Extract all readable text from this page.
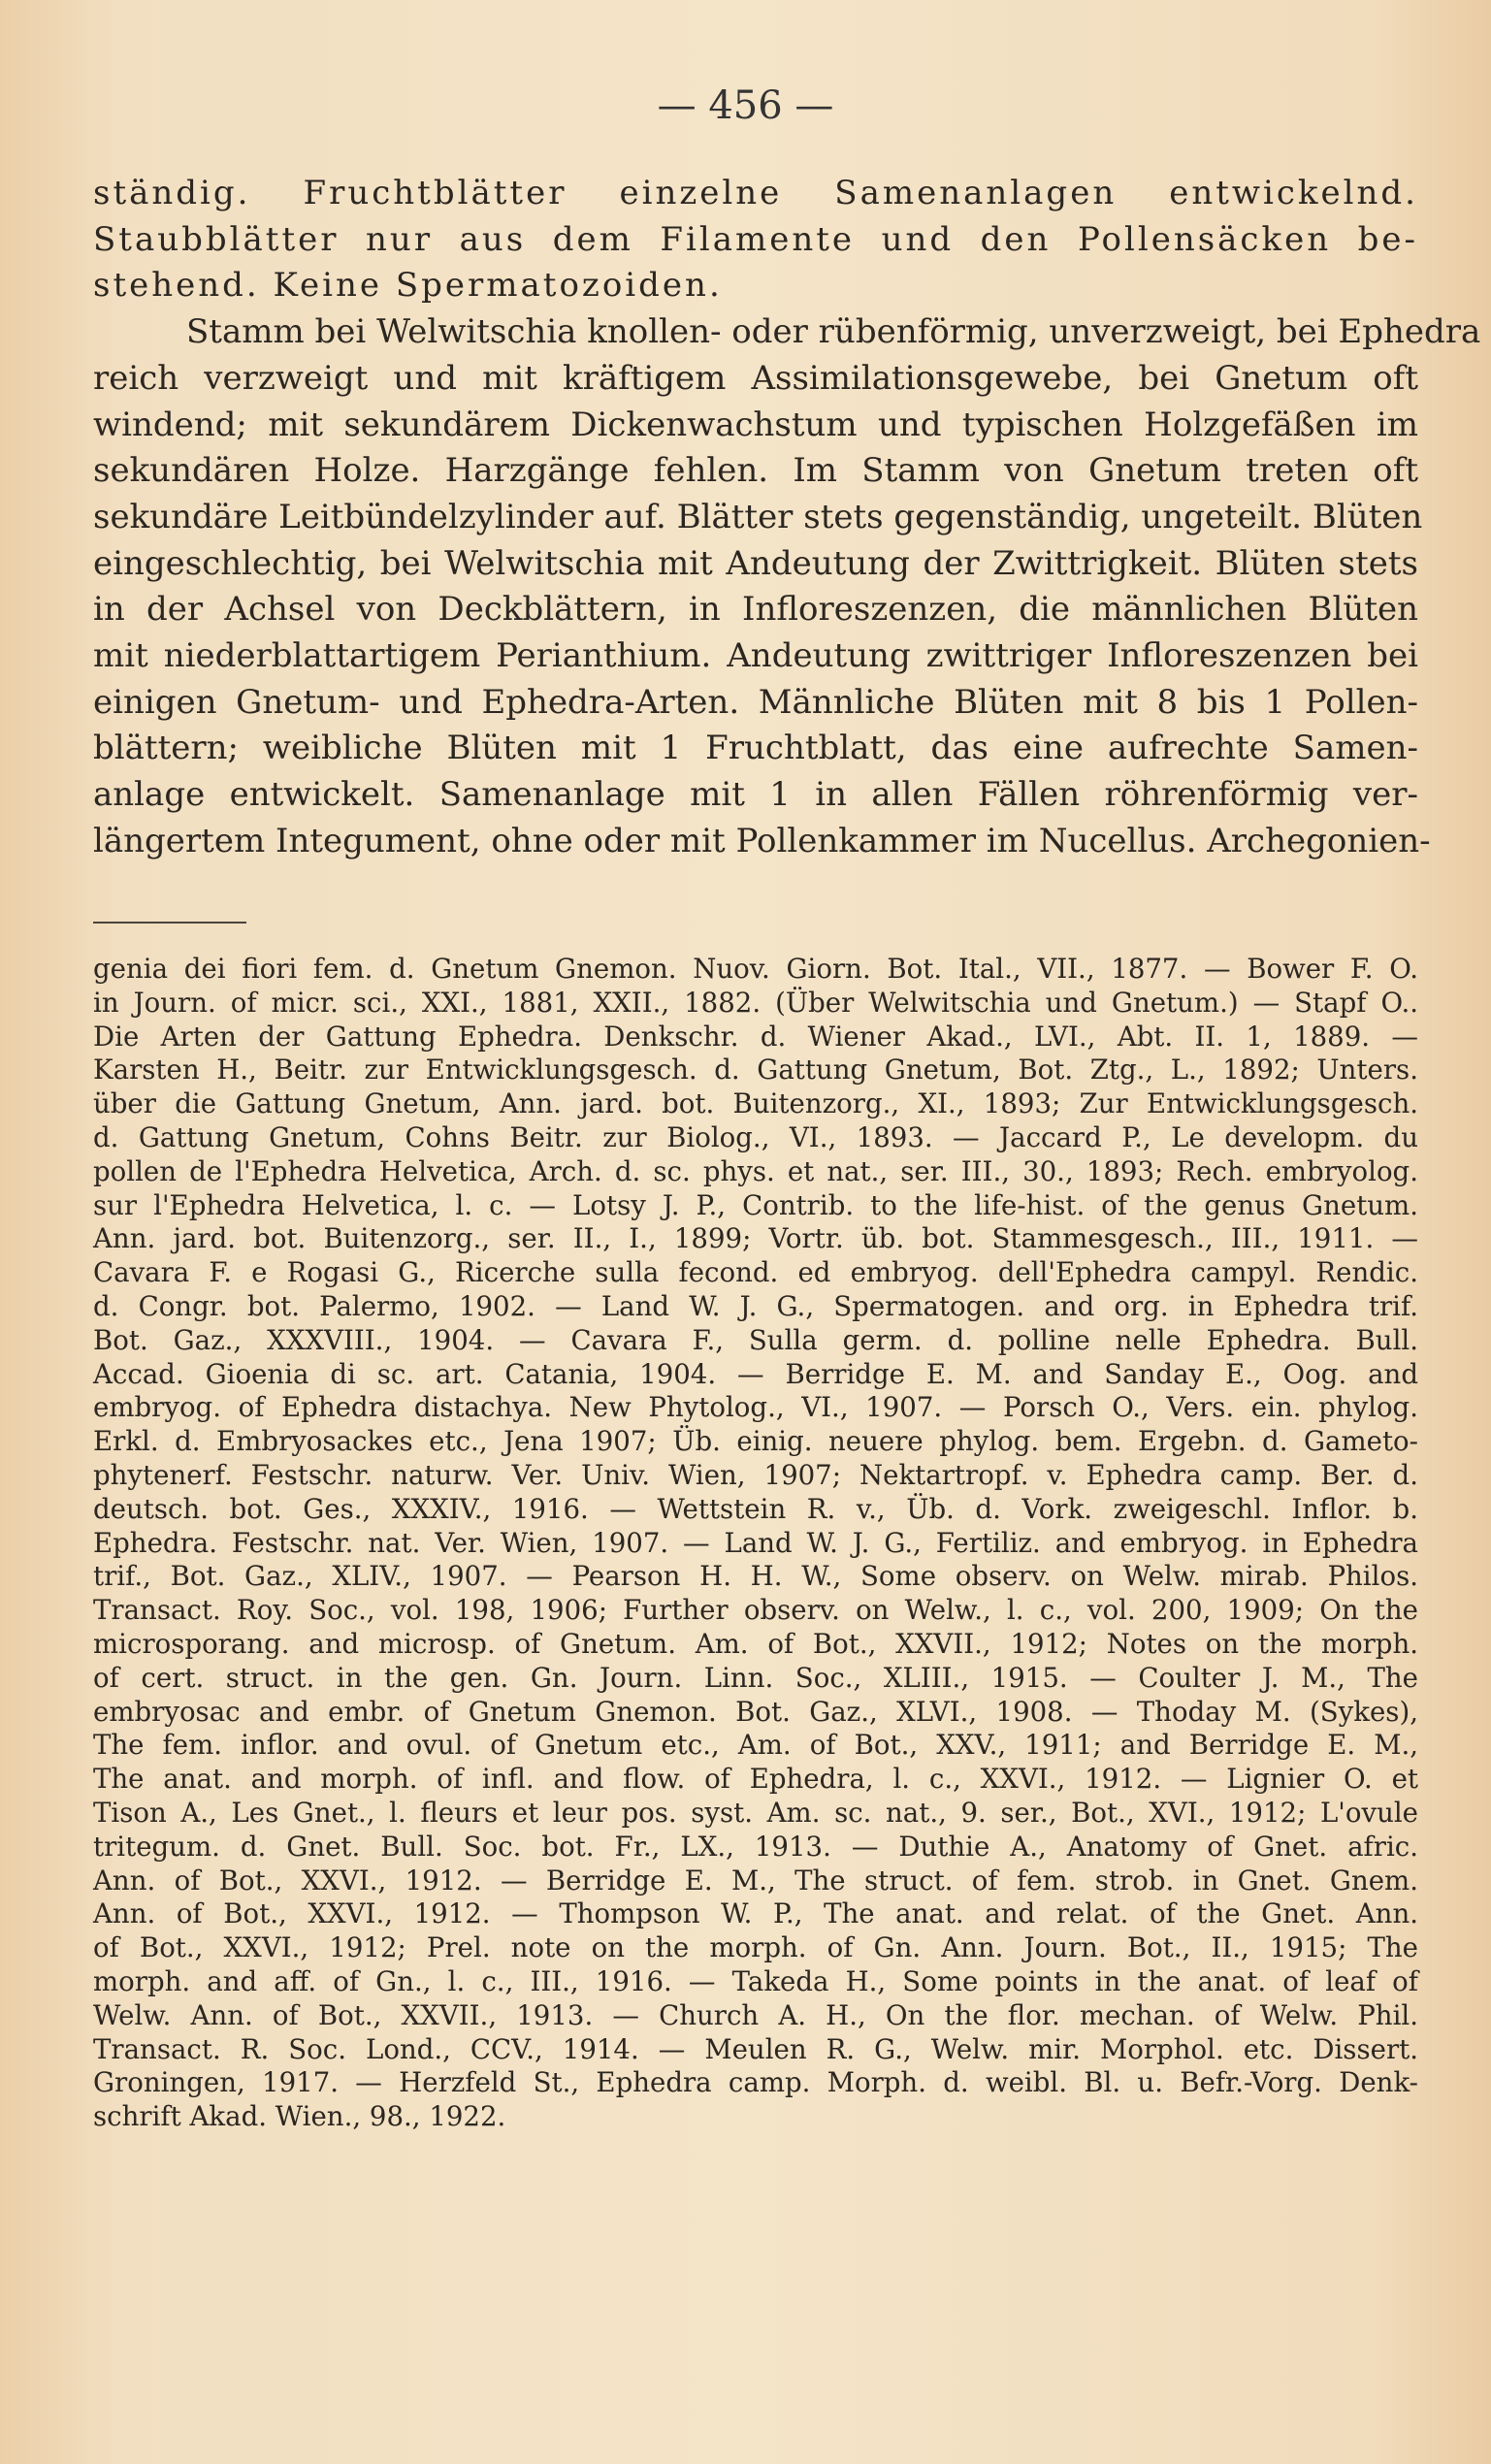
— 456 —
ständig. Fruchtblätter einzelne Samenanlagen entwickelnd.
Staubblätter nur aus dem Filamente und den Pollensäcken be-
stehend. Keine Spermatozoiden.
Stamm bei Welwitschia knollen- oder rübenförmig, unverzweigt, bei Ephedra
reich verzweigt und mit kräftigem Assimilationsgewebe, bei Gnetum oft
windend; mit sekundärem Dickenwachstum und typischen Holzgefäßen im
sekundären Holze. Harzgänge fehlen. Im Stamm von Gnetum treten oft
sekundäre Leitbündelzylinder auf. Blätter stets gegenständig, ungeteilt. Blüten
eingeschlechtig, bei Welwitschia mit Andeutung der Zwittrigkeit. Blüten stets
in der Achsel von Deckblättern, in Infloreszenzen, die männlichen Blüten
mit niederblattartigem Perianthium. Andeutung zwittriger Infloreszenzen bei
einigen Gnetum- und Ephedra-Arten. Männliche Blüten mit 8 bis 1 Pollen-
blättern; weibliche Blüten mit 1 Fruchtblatt, das eine aufrechte Samen-
anlage entwickelt. Samenanlage mit 1 in allen Fällen röhrenförmig ver-
längertem Integument, ohne oder mit Pollenkammer im Nucellus. Archegonien-
genia dei fiori fem. d. Gnetum Gnemon. Nuov. Giorn. Bot. Ital., VII., 1877. — Bower F. O.
in Journ. of micr. sci., XXI., 1881, XXII., 1882. (Über Welwitschia und Gnetum.) — Stapf O..
Die Arten der Gattung Ephedra. Denkschr. d. Wiener Akad., LVI., Abt. II. 1, 1889. —
Karsten H., Beitr. zur Entwicklungsgesch. d. Gattung Gnetum, Bot. Ztg., L., 1892; Unters.
über die Gattung Gnetum, Ann. jard. bot. Buitenzorg., XI., 1893; Zur Entwicklungsgesch.
d. Gattung Gnetum, Cohns Beitr. zur Biolog., VI., 1893. — Jaccard P., Le developm. du
pollen de l'Ephedra Helvetica, Arch. d. sc. phys. et nat., ser. III., 30., 1893; Rech. embryolog.
sur l'Ephedra Helvetica, l. c. — Lotsy J. P., Contrib. to the life-hist. of the genus Gnetum.
Ann. jard. bot. Buitenzorg., ser. II., I., 1899; Vortr. üb. bot. Stammesgesch., III., 1911. —
Cavara F. e Rogasi G., Ricerche sulla fecond. ed embryog. dell'Ephedra campyl. Rendic.
d. Congr. bot. Palermo, 1902. — Land W. J. G., Spermatogen. and org. in Ephedra trif.
Bot. Gaz., XXXVIII., 1904. — Cavara F., Sulla germ. d. polline nelle Ephedra. Bull.
Accad. Gioenia di sc. art. Catania, 1904. — Berridge E. M. and Sanday E., Oog. and
embryog. of Ephedra distachya. New Phytolog., VI., 1907. — Porsch O., Vers. ein. phylog.
Erkl. d. Embryosackes etc., Jena 1907; Üb. einig. neuere phylog. bem. Ergebn. d. Gameto-
phytenerf. Festschr. naturw. Ver. Univ. Wien, 1907; Nektartropf. v. Ephedra camp. Ber. d.
deutsch. bot. Ges., XXXIV., 1916. — Wettstein R. v., Üb. d. Vork. zweigeschl. Inflor. b.
Ephedra. Festschr. nat. Ver. Wien, 1907. — Land W. J. G., Fertiliz. and embryog. in Ephedra
trif., Bot. Gaz., XLIV., 1907. — Pearson H. H. W., Some observ. on Welw. mirab. Philos.
Transact. Roy. Soc., vol. 198, 1906; Further observ. on Welw., l. c., vol. 200, 1909; On the
microsporang. and microsp. of Gnetum. Am. of Bot., XXVII., 1912; Notes on the morph.
of cert. struct. in the gen. Gn. Journ. Linn. Soc., XLIII., 1915. — Coulter J. M., The
embryosac and embr. of Gnetum Gnemon. Bot. Gaz., XLVI., 1908. — Thoday M. (Sykes),
The fem. inflor. and ovul. of Gnetum etc., Am. of Bot., XXV., 1911; and Berridge E. M.,
The anat. and morph. of infl. and flow. of Ephedra, l. c., XXVI., 1912. — Lignier O. et
Tison A., Les Gnet., l. fleurs et leur pos. syst. Am. sc. nat., 9. ser., Bot., XVI., 1912; L'ovule
tritegum. d. Gnet. Bull. Soc. bot. Fr., LX., 1913. — Duthie A., Anatomy of Gnet. afric.
Ann. of Bot., XXVI., 1912. — Berridge E. M., The struct. of fem. strob. in Gnet. Gnem.
Ann. of Bot., XXVI., 1912. — Thompson W. P., The anat. and relat. of the Gnet. Ann.
of Bot., XXVI., 1912; Prel. note on the morph. of Gn. Ann. Journ. Bot., II., 1915; The
morph. and aff. of Gn., l. c., III., 1916. — Takeda H., Some points in the anat. of leaf of
Welw. Ann. of Bot., XXVII., 1913. — Church A. H., On the flor. mechan. of Welw. Phil.
Transact. R. Soc. Lond., CCV., 1914. — Meulen R. G., Welw. mir. Morphol. etc. Dissert.
Groningen, 1917. — Herzfeld St., Ephedra camp. Morph. d. weibl. Bl. u. Befr.-Vorg. Denk-
schrift Akad. Wien., 98., 1922.
